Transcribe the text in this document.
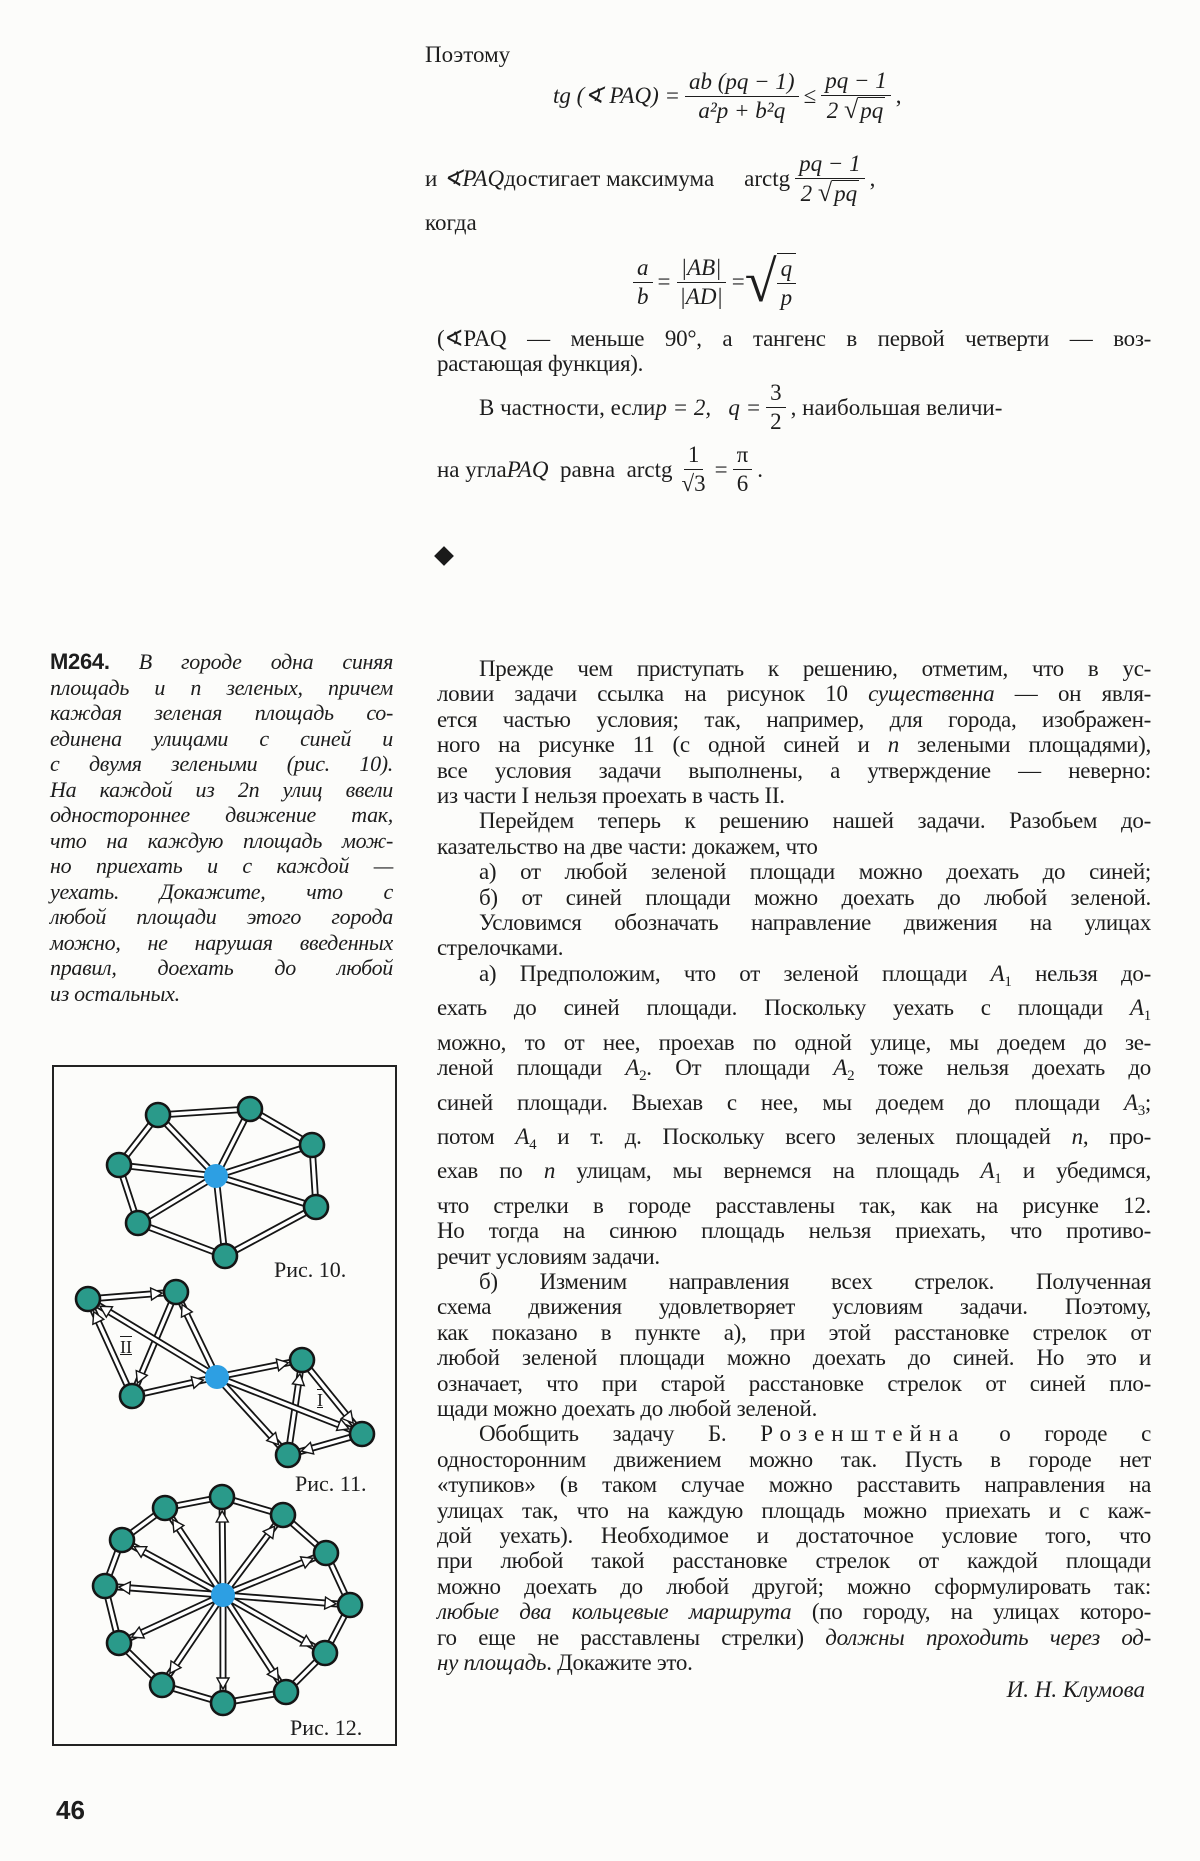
Поэтому
tg (∢ $PAQ) = \frac{ab (pq - 1)}{\text{a²p + b²q}} \le \frac{pq - 1}{2 √pq}$ ,
и
∢PAQ достигает максимума arctg $\frac{pq - 1}{2 √pq}$ ,
когда
$\frac{a}{b} = \frac{|AB|}{|AD|}$ = √ $\frac{q}{p}$
(∢PAQ — меньше 90°, а тангенс в первой четверти — воз-
растающая функция).
В частности, если p = 2,
$q = \frac{3}{2}$ , наибольшая величи-
на угла PAQ равна arctg $\frac{1}{√3} = \frac{\pi}{6}$ .
M264. В городе одна синяя
площадь и n зеленых, причем
каждая зеленая площадь со-
единена улицами с синей и
с двумя зелеными (рис. 10).
На каждой из 2n улиц ввели
одностороннее движение так,
что на каждую площадь мож-
но приехать и с каждой —
уехать. Докажите, что с
любой площади этого города
можно, не нарушая введенных
правил, доехать до любой
из остальных.
Прежде чем приступать к решению, отметим, что в ус-
ловии задачи ссылка на рисунок 10 существенна — он явля-
ется частью условия; так, например, для города, изображен-
ного на рисунке 11 (с одной синей и n зелеными площадями),
все условия задачи выполнены, а утверждение — неверно:
из части I нельзя проехать в часть II.
Перейдем теперь к решению нашей задачи. Разобьем до-
казательство на две части: докажем, что
а) от любой зеленой площади можно доехать до синей;
б) от синей площади можно доехать до любой зеленой.
Условимся обозначать направление движения на улицах
стрелочками.
а) Предположим, что от зеленой площади $A_1$ нельзя до-
ехать до синей площади. Поскольку уехать с площади $A_1$
можно, то от нее, проехав по одной улице, мы доедем до зе-
леной площади $A_2$. От площади $A_2$ тоже нельзя доехать до
синей площади. Выехав с нее, мы доедем до площади $A_3$;
потом $A_4$ и т. д. Поскольку всего зеленых площадей n, про-
ехав по n улицам, мы вернемся на площадь $A_1$ и убедимся,
что стрелки в городе расставлены так, как на рисунке 12.
Но тогда на синюю площадь нельзя приехать, что противо-
речит условиям задачи.
б) Изменим направления всех стрелок. Полученная
схема движения удовлетворяет условиям задачи. Поэтому,
как показано в пункте а), при этой расстановке стрелок от
любой зеленой площади можно доехать до синей. Но это и
означает, что при старой расстановке стрелок от синей пло-
щади можно доехать до любой зеленой.
Обобщить задачу Б. Розенштейна о городе с
односторонним движением можно так. Пусть в городе нет
«тупиков» (в таком случае можно расставить направления на
улицах так, что на каждую площадь можно приехать и с каж-
дой уехать). Необходимое и достаточное условие того, что
при любой такой расстановке стрелок от каждой площади
можно доехать до любой другой; можно сформулировать так:
любые два кольцевые маршрута (по городу, на улицах которо-
го еще не расставлены стрелки) должны проходить через од-
ну площадь. Докажите это.
И. Н. Клумова
Рис. 10.
Рис. 11.
Рис. 12.
II
I
46
